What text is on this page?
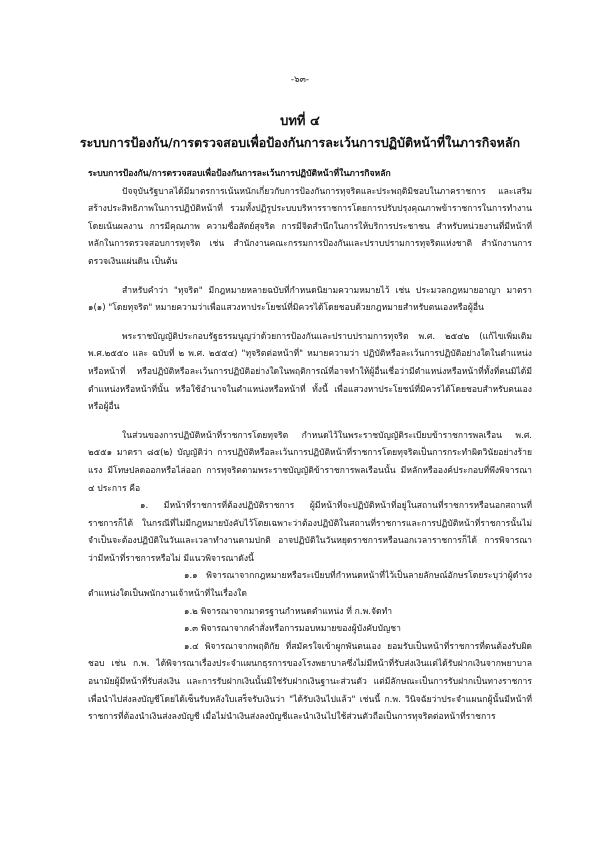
-๖๓-
บทที่ ๔
ระบบการป้องกัน/การตรวจสอบเพื่อป้องกันการละเว้นการปฏิบัติหน้าที่ในภารกิจหลัก

ระบบการป้องกัน/การตรวจสอบเพื่อป้องกันการละเว้นการปฏิบัติหน้าที่ในภารกิจหลัก

ปัจจุบันรัฐบาลได้มีมาตรการเน้นหนักเกี่ยวกับการป้องกันการทุจริตและประพฤติมิชอบในภาคราชการ และเสริมสร้างประสิทธิภาพในการปฏิบัติหน้าที่ รวมทั้งปฏิรูประบบบริหารราชการโดยการปรับปรุงคุณภาพข้าราชการในการทำงานโดยเน้นผลงาน การมีคุณภาพ ความซื่อสัตย์สุจริต การมีจิตสำนึกในการให้บริการประชาชน สำหรับหน่วยงานที่มีหน้าที่หลักในการตรวจสอบการทุจริต เช่น สำนักงานคณะกรรมการป้องกันและปราบปรามการทุจริตแห่งชาติ สำนักงานการตรวจเงินแผ่นดิน เป็นต้น

สำหรับคำว่า "ทุจริต" มีกฎหมายหลายฉบับที่กำหนดนิยามความหมายไว้ เช่น ประมวลกฎหมายอาญา มาตรา ๑(๑) "โดยทุจริต" หมายความว่าเพื่อแสวงหาประโยชน์ที่มิควรได้โดยชอบด้วยกฎหมายสำหรับตนเองหรือผู้อื่น

พระราชบัญญัติประกอบรัฐธรรมนูญว่าด้วยการป้องกันและปราบปรามการทุจริต พ.ศ. ๒๕๔๒ (แก้ไขเพิ่มเติม พ.ศ.๒๕๕๐ และ ฉบับที่ ๒ พ.ศ. ๒๕๕๔) "ทุจริตต่อหน้าที่" หมายความว่า ปฏิบัติหรือละเว้นการปฏิบัติอย่างใดในตำแหน่งหรือหน้าที่ หรือปฏิบัติหรือละเว้นการปฏิบัติอย่างใดในพฤติการณ์ที่อาจทำให้ผู้อื่นเชื่อว่ามีตำแหน่งหรือหน้าที่ทั้งที่ตนมิได้มีตำแหน่งหรือหน้าที่นั้น หรือใช้อำนาจในตำแหน่งหรือหน้าที่ ทั้งนี้ เพื่อแสวงหาประโยชน์ที่มิควรได้โดยชอบสำหรับตนเองหรือผู้อื่น

ในส่วนของการปฏิบัติหน้าที่ราชการโดยทุจริต กำหนดไว้ในพระราชบัญญัติระเบียบข้าราชการพลเรือน พ.ศ. ๒๕๕๑ มาตรา ๘๕(๒) บัญญัติว่า การปฏิบัติหรือละเว้นการปฏิบัติหน้าที่ราชการโดยทุจริตเป็นการกระทำผิดวินัยอย่างร้ายแรง มีโทษปลดออกหรือไล่ออก การทุจริตตามพระราชบัญญัติข้าราชการพลเรือนนั้น มีหลักหรือองค์ประกอบที่พึงพิจารณา ๔ ประการ คือ

๑. มีหน้าที่ราชการที่ต้องปฏิบัติราชการ ผู้มีหน้าที่จะปฏิบัติหน้าที่อยู่ในสถานที่ราชการหรือนอกสถานที่ราชการก็ได้ ในกรณีที่ไม่มีกฎหมายบังคับไว้โดยเฉพาะว่าต้องปฏิบัติในสถานที่ราชการและการปฏิบัติหน้าที่ราชการนั้นไม่จำเป็นจะต้องปฏิบัติในวันและเวลาทำงานตามปกติ อาจปฏิบัติในวันหยุดราชการหรือนอกเวลาราชการก็ได้ การพิจารณาว่ามีหน้าที่ราชการหรือไม่ มีแนวพิจารณาดังนี้

๑.๑ พิจารณาจากกฎหมายหรือระเบียบที่กำหนดหน้าที่ไว้เป็นลายลักษณ์อักษรโดยระบุว่าผู้ดำรงตำแหน่งใดเป็นพนักงานเจ้าหน้าที่ในเรื่องใด

๑.๒ พิจารณาจากมาตรฐานกำหนดตำแหน่ง ที่ ก.พ.จัดทำ

๑.๓ พิจารณาจากคำสั่งหรือการมอบหมายของผู้บังคับบัญชา

๑.๔ พิจารณาจากพฤติกัย ที่สมัครใจเข้าผูกพันตนเอง ยอมรับเป็นหน้าที่ราชการที่ตนต้องรับผิดชอบ เช่น ก.พ. ได้พิจารณาเรื่องประจำแผนกธุรการของโรงพยาบาลซึ่งไม่มีหน้าที่รับส่งเงินแต่ได้รับฝากเงินจากพยาบาลอนามัยผู้มีหน้าที่รับส่งเงิน และการรับฝากเงินนั้นมิใช่รับฝากเงินฐานะส่วนตัว แต่มีลักษณะเป็นการรับฝากเป็นทางราชการเพื่อนำไปส่งลงบัญชีโดยได้เซ็นรับหลังใบเสร็จรับเงินว่า "ได้รับเงินไปแล้ว" เช่นนี้ ก.พ. วินิจฉัยว่าประจำแผนกผู้นั้นมีหน้าที่ราชการที่ต้องนำเงินส่งลงบัญชี เมื่อไม่นำเงินส่งลงบัญชีและนำเงินไปใช้ส่วนตัวถือเป็นการทุจริตต่อหน้าที่ราชการ
